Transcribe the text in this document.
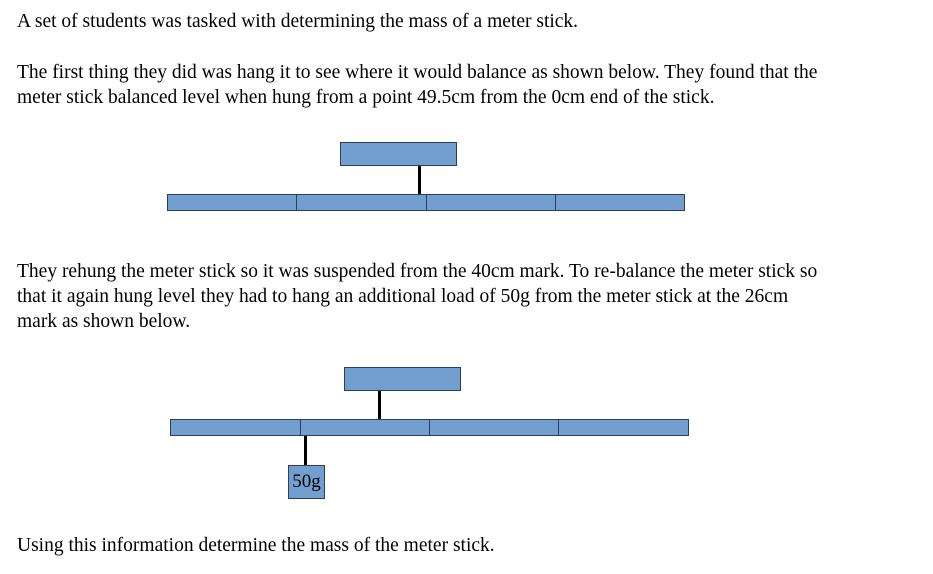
A set of students was tasked with determining the mass of a meter stick.
The first thing they did was hang it to see where it would balance as shown below. They found that the
meter stick balanced level when hung from a point 49.5cm from the 0cm end of the stick.
They rehung the meter stick so it was suspended from the 40cm mark. To re-balance the meter stick so
that it again hung level they had to hang an additional load of 50g from the meter stick at the 26cm
mark as shown below.
50g
Using this information determine the mass of the meter stick.
